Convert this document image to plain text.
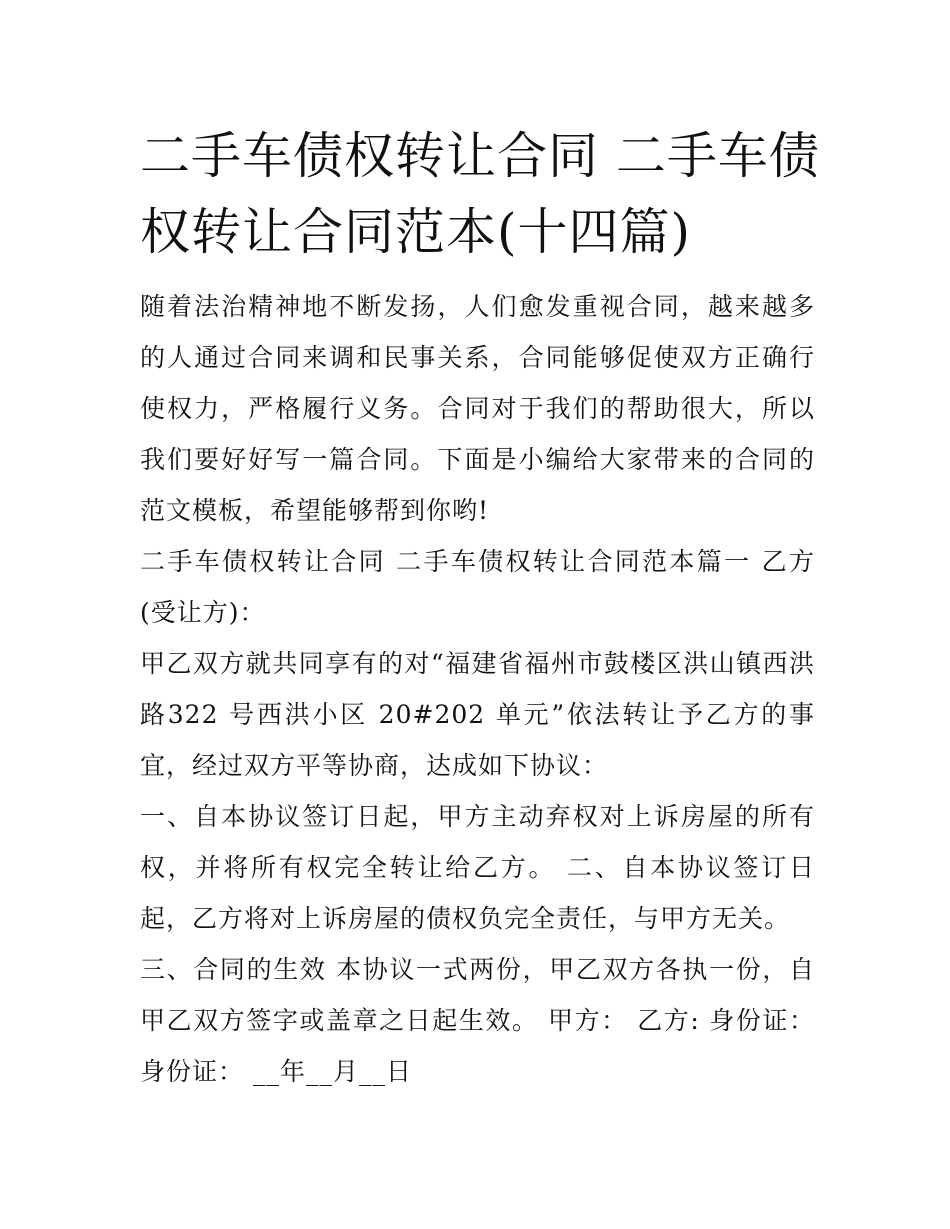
二手车债权转让合同 二手车债权转让合同范本(十四篇)

随着法治精神地不断发扬，人们愈发重视合同，越来越多的人通过合同来调和民事关系，合同能够促使双方正确行使权力，严格履行义务。合同对于我们的帮助很大，所以我们要好好写一篇合同。下面是小编给大家带来的合同的范文模板，希望能够帮到你哟!

二手车债权转让合同 二手车债权转让合同范本篇一 乙方(受让方)：

甲乙双方就共同享有的对“福建省福州市鼓楼区洪山镇西洪路322 号西洪小区 20#202 单元”依法转让予乙方的事宜，经过双方平等协商，达成如下协议：

一、自本协议签订日起，甲方主动弃权对上诉房屋的所有权，并将所有权完全转让给乙方。 二、自本协议签订日起，乙方将对上诉房屋的债权负完全责任，与甲方无关。

三、合同的生效 本协议一式两份，甲乙双方各执一份，自甲乙双方签字或盖章之日起生效。 甲方： 乙方: 身份证： 身份证： __年__月__日
